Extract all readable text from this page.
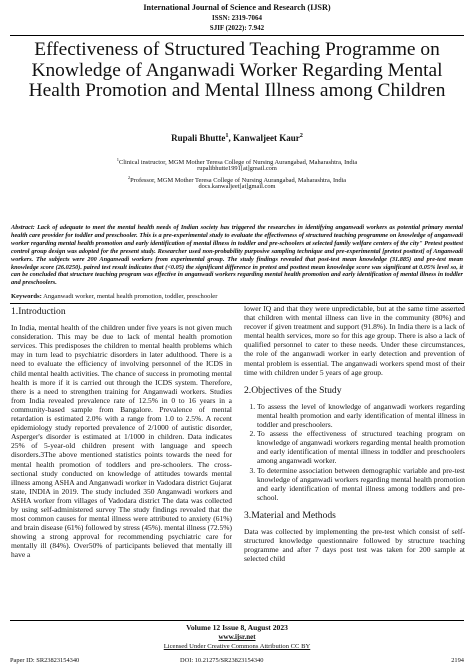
International Journal of Science and Research (IJSR)
ISSN: 2319-7064
SJIF (2022): 7.942
Effectiveness of Structured Teaching Programme on Knowledge of Anganwadi Worker Regarding Mental Health Promotion and Mental Illness among Children
Rupali Bhutte$^1$, Kanwaljeet Kaur$^2$
$^1$Clinical instructor, MGM Mother Teresa College of Nursing Aurangabad, Maharashtra, India
rupalibhutte1991[at]gmail.com
$^2$Professor, MGM Mother Teresa College of Nursing Aurangabad, Maharashtra, India
docs.kanwaljeet[at]gmail.com

Abstract: Lack of adequate to meet the mental health needs of Indian society has triggered the researches in identifying anganwadi workers as potential primary mental health care provider for toddler and preschooler. This is a pre-experimental study to evaluate the effectiveness of structured teaching programme on knowledge of anganwadi worker regarding mental health promotion and early identification of mental illness in toddler and pre-schoolers at selected family welfare centers of the city" Pretest posttest control group design was adopted for the present study. Researcher used non-probability purposive sampling technique and pre-experimental [pretest posttest] of Anganwadi workers. The subjects were 200 Anganwadi workers from experimental group. The study findings revealed that post-test mean knowledge (31.885) and pre-test mean knowledge score (26.0250). paired test result indicates that (<0.05) the significant difference in pretest and posttest mean knowledge score was significant at 0.05% level so, it can be concluded that structure teaching program was effective in anganwadi workers regarding mental health promotion and early identification of mental illness in toddler and preschoolers.

Keywords: Anganwadi worker, mental health promotion, toddler, preschooler
1.Introduction

In India, mental health of the children under five years is not given much consideration. This may be due to lack of mental health promotion services. This predisposes the children to mental health problems which may in turn lead to psychiatric disorders in later adulthood. There is a need to evaluate the efficiency of involving personnel of the ICDS in child mental health activities. The chance of success in promoting mental health is more if it is carried out through the ICDS system. Therefore, there is a need to strengthen training for Anganwadi workers. Studies from India revealed prevalence rate of 12.5% in 0 to 16 years in a community-based sample from Bangalore. Prevalence of mental retardation is estimated 2.0% with a range from 1.0 to 2.5%. A recent epidemiology study reported prevalence of 2/1000 of autistic disorder, Asperger's disorder is estimated at 1/1000 in children. Data indicates 25% of 5-year-old children present with language and speech disorders.3The above mentioned statistics points towards the need for mental health promotion of toddlers and pre-schoolers. The cross-sectional study conducted on knowledge of attitudes towards mental illness among ASHA and Anganwadi worker in Vadodara district Gujarat state, INDIA in 2019. The study included 350 Anganwadi workers and ASHA worker from villages of Vadodara district The data was collected by using self-administered survey The study findings revealed that the most common causes for mental illness were attributed to anxiety (61%) and brain disease (61%) followed by stress (45%). mental illness (72.5%) showing a strong approval for recommending psychiatric care for mentally ill (84%). Over50% of participants believed that mentally ill have a

lower IQ and that they were unpredictable, but at the same time asserted that children with mental illness can live in the community (80%) and recover if given treatment and support (91.8%). In India there is a lack of mental health services, more so for this age group. There is also a lack of qualified personnel to cater to these needs. Under these circumstances, the role of the anganwadi worker in early detection and prevention of mental problem is essential. The anganwadi workers spend most of their time with children under 5 years of age group.

2.Objectives of the Study
1. To assess the level of knowledge of anganwadi workers regarding mental health promotion and early identification of mental illness in toddler and preschoolers.
2. To assess the effectiveness of structured teaching program on knowledge of anganwadi workers regarding mental health promotion and early identification of mental illness in toddler and preschoolers among anganwadi worker.
3. To determine association between demographic variable and pre-test knowledge of anganwadi workers regarding mental health promotion and early identification of mental illness among toddlers and pre-school.
3.Material and Methods

Data was collected by implementing the pre-test which consist of self-structured knowledge questionnaire followed by structure teaching programme and after 7 days post test was taken for 200 sample at selected child

Volume 12 Issue 8, August 2023
www.ijsr.net
Licensed Under Creative Commons Attribution CC BY
Paper ID: SR23823154340	DOI: 10.21275/SR23823154340	2194
